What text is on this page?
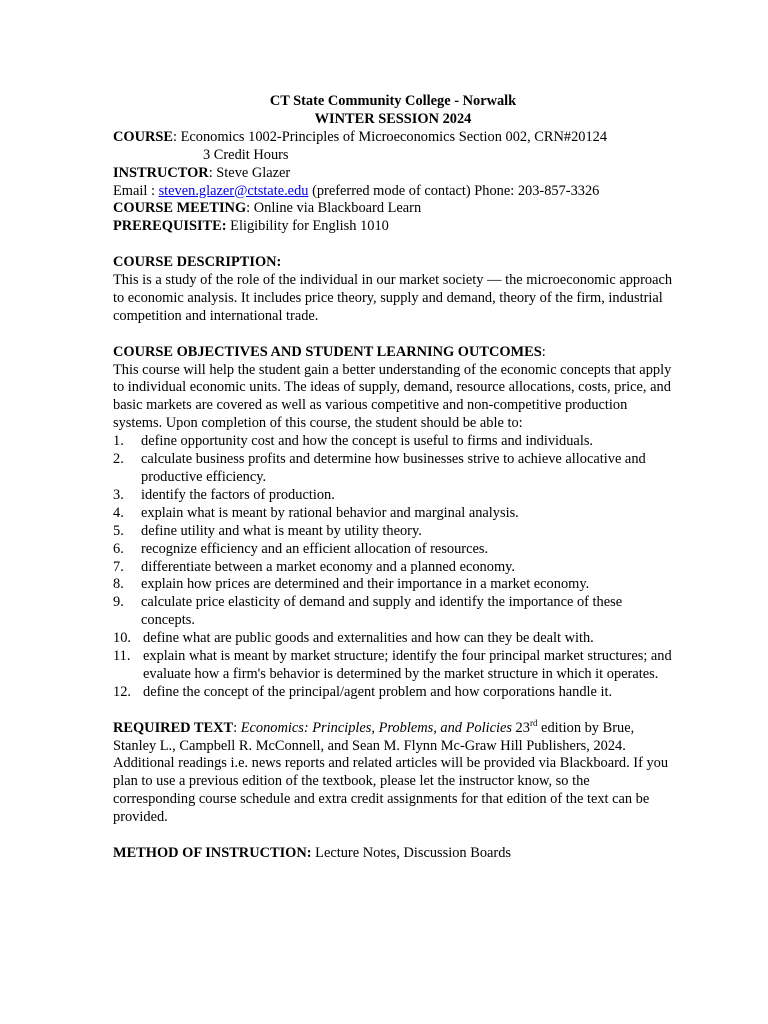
CT State Community College - Norwalk

WINTER SESSION 2024

COURSE: Economics 1002-Principles of Microeconomics Section 002, CRN#20124

3 Credit Hours

INSTRUCTOR: Steve Glazer

Email : steven.glazer@ctstate.edu (preferred mode of contact) Phone: 203-857-3326

COURSE MEETING: Online via Blackboard Learn

PREREQUISITE: Eligibility for English 1010

COURSE DESCRIPTION:

This is a study of the role of the individual in our market society — the microeconomic approach to economic analysis. It includes price theory, supply and demand, theory of the firm, industrial competition and international trade.

COURSE OBJECTIVES AND STUDENT LEARNING OUTCOMES:

This course will help the student gain a better understanding of the economic concepts that apply to individual economic units. The ideas of supply, demand, resource allocations, costs, price, and basic markets are covered as well as various competitive and non-competitive production systems. Upon completion of this course, the student should be able to:

1. define opportunity cost and how the concept is useful to firms and individuals.
2. calculate business profits and determine how businesses strive to achieve allocative and productive efficiency.
3. identify the factors of production.
4. explain what is meant by rational behavior and marginal analysis.
5. define utility and what is meant by utility theory.
6. recognize efficiency and an efficient allocation of resources.
7. differentiate between a market economy and a planned economy.
8. explain how prices are determined and their importance in a market economy.
9. calculate price elasticity of demand and supply and identify the importance of these concepts.
10. define what are public goods and externalities and how can they be dealt with.
11. explain what is meant by market structure; identify the four principal market structures; and evaluate how a firm's behavior is determined by the market structure in which it operates.
12. define the concept of the principal/agent problem and how corporations handle it.

REQUIRED TEXT: Economics: Principles, Problems, and Policies 23rd edition by Brue, Stanley L., Campbell R. McConnell, and Sean M. Flynn Mc-Graw Hill Publishers, 2024.

Additional readings i.e. news reports and related articles will be provided via Blackboard. If you plan to use a previous edition of the textbook, please let the instructor know, so the corresponding course schedule and extra credit assignments for that edition of the text can be provided.

METHOD OF INSTRUCTION: Lecture Notes, Discussion Boards
